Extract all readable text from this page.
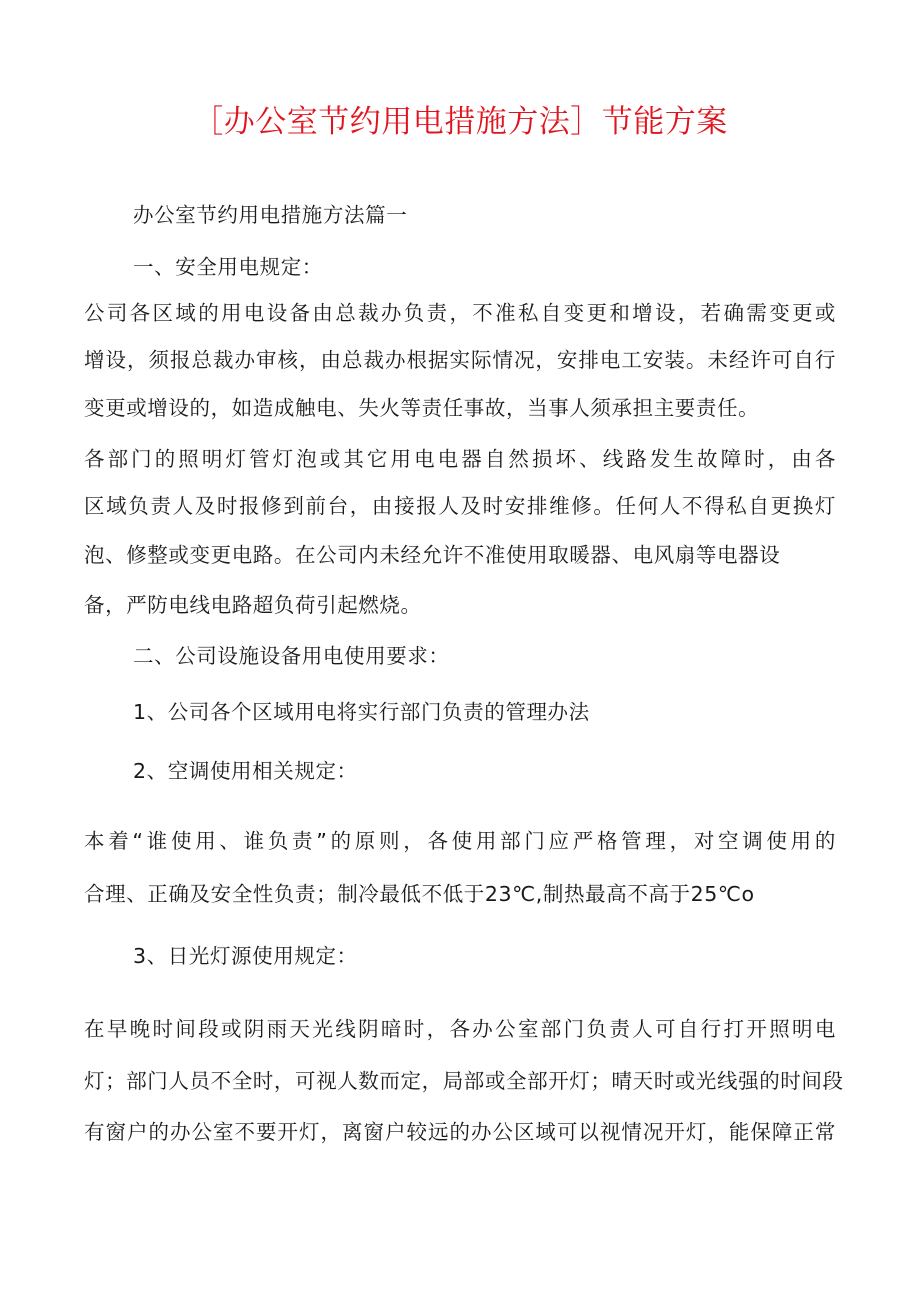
［办公室节约用电措施方法］节能方案
办公室节约用电措施方法篇一
一、安全用电规定：
公司各区域的用电设备由总裁办负责，不准私自变更和增设，若确需变更或
增设，须报总裁办审核，由总裁办根据实际情况，安排电工安装。未经许可自行
变更或增设的，如造成触电、失火等责任事故，当事人须承担主要责任。
各部门的照明灯管灯泡或其它用电电器自然损坏、线路发生故障时，由各
区域负责人及时报修到前台，由接报人及时安排维修。任何人不得私自更换灯
泡、修整或变更电路。在公司内未经允许不准使用取暖器、电风扇等电器设
备，严防电线电路超负荷引起燃烧。
二、公司设施设备用电使用要求：
1、公司各个区域用电将实行部门负责的管理办法
2、空调使用相关规定：
本着“谁使用、谁负责”的原则，各使用部门应严格管理，对空调使用的
合理、正确及安全性负责；制冷最低不低于23℃,制热最高不高于25℃o
3、日光灯源使用规定：
在早晚时间段或阴雨天光线阴暗时，各办公室部门负责人可自行打开照明电
灯；部门人员不全时，可视人数而定，局部或全部开灯；晴天时或光线强的时间段
有窗户的办公室不要开灯，离窗户较远的办公区域可以视情况开灯，能保障正常
